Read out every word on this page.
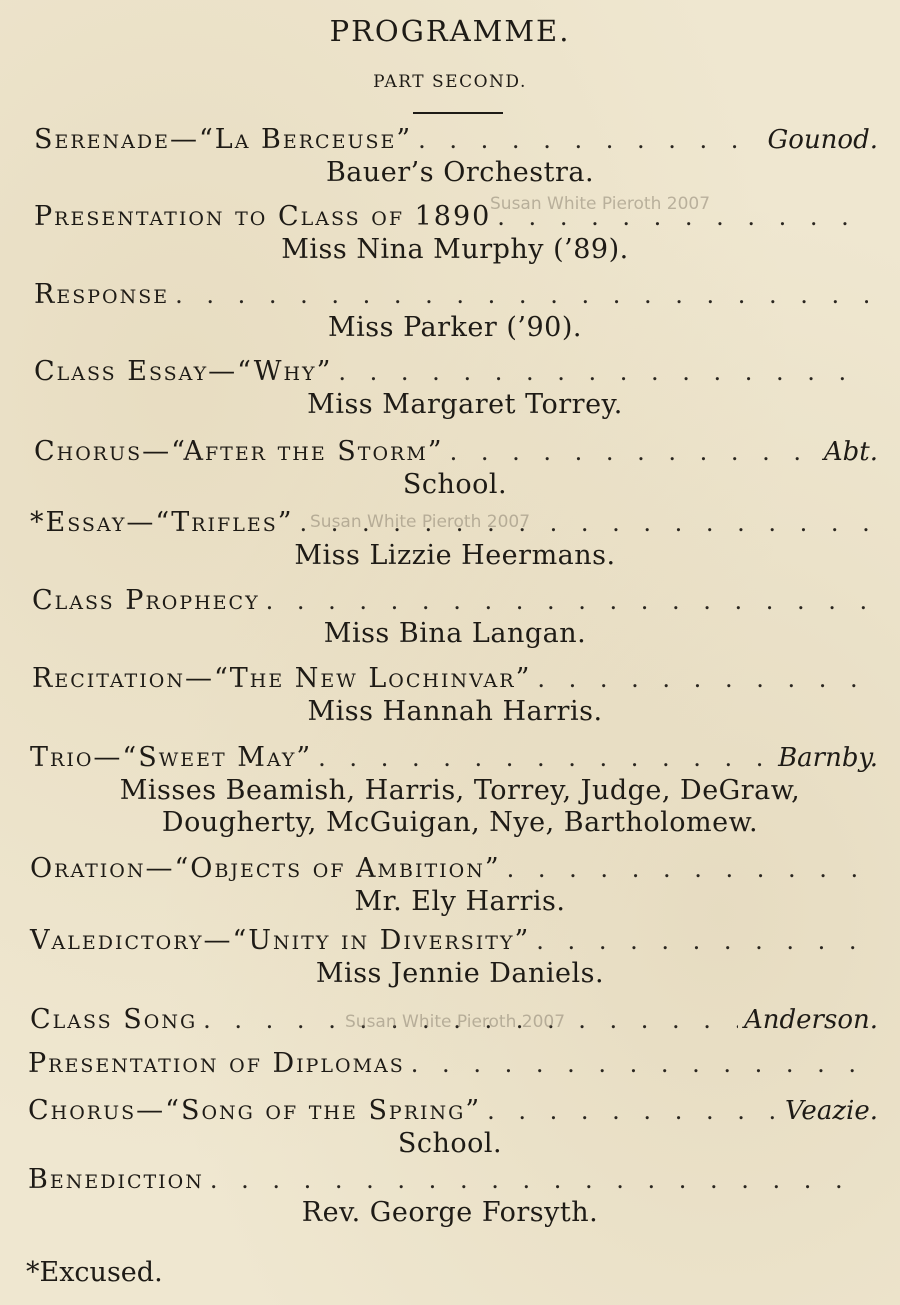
PROGRAMME.
PART SECOND.
Serenade—“La Berceuse” . . .	Gounod.
Bauer’s Orchestra.
Presentation to Class of 1890
. . .
Miss Nina Murphy (’89).
Response
. . .
Miss Parker (’90).
Class Essay—“Why”
. . .
Miss Margaret Torrey.
Chorus—“After the Storm” . . .	Abt.
School.
*Essay—“Trifles”
. . .
Miss Lizzie Heermans.
Class Prophecy
. . .
Miss Bina Langan.
Recitation—“The New Lochinvar”
. . .
Miss Hannah Harris.
Trio—“Sweet May” . . .	Barnby.
Misses Beamish, Harris, Torrey, Judge, DeGraw,
Dougherty, McGuigan, Nye, Bartholomew.
Oration—“Objects of Ambition”
. . .
Mr. Ely Harris.
Valedictory—“Unity in Diversity”
. . .
Miss Jennie Daniels.
Class Song . . .	Anderson.
Presentation of Diplomas
. . .
Chorus—“Song of the Spring” . . .	Veazie.
School.
Benediction
. . .
Rev. George Forsyth.
*Excused.
Susan White Pieroth 2007
Susan White Pieroth 2007
Susan White Pieroth 2007
